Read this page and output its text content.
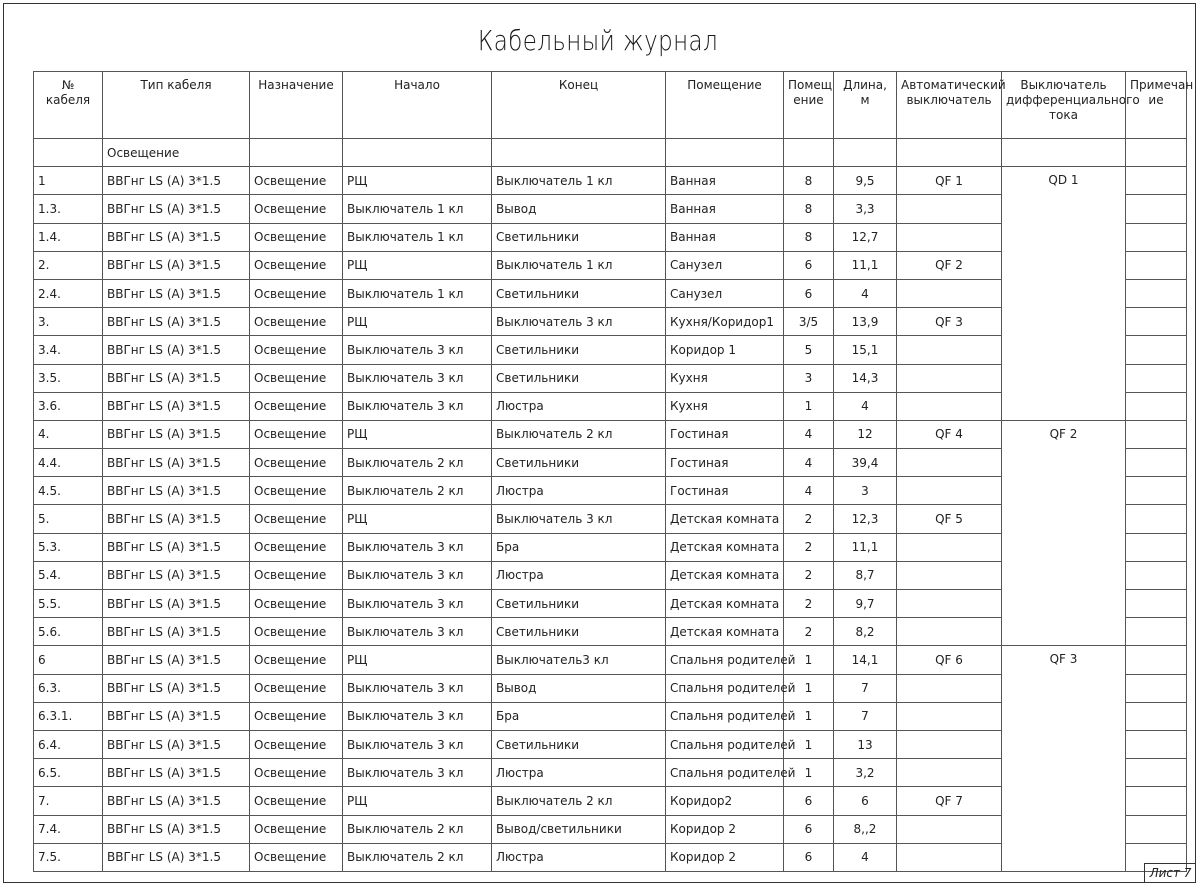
Кабельный журнал
№ кабеля	Тип кабеля	Назначение	Начало	Конец	Помещение	Помещ ение	Длина, м	Автоматический выключатель	Выключатель дифференциального тока	Примечан ие
	Освещение									
1	ВВГнг LS (A) 3*1.5	Освещение	РЩ	Выключатель 1 кл	Ванная	8	9,5	QF 1	QD 1	
1.3.	ВВГнг LS (A) 3*1.5	Освещение	Выключатель 1 кл	Вывод	Ванная	8	3,3			
1.4.	ВВГнг LS (A) 3*1.5	Освещение	Выключатель 1 кл	Светильники	Ванная	8	12,7			
2.	ВВГнг LS (A) 3*1.5	Освещение	РЩ	Выключатель 1 кл	Санузел	6	11,1	QF 2		
2.4.	ВВГнг LS (A) 3*1.5	Освещение	Выключатель 1 кл	Светильники	Санузел	6	4			
3.	ВВГнг LS (A) 3*1.5	Освещение	РЩ	Выключатель 3 кл	Кухня/Коридор1	3/5	13,9	QF 3		
3.4.	ВВГнг LS (A) 3*1.5	Освещение	Выключатель 3 кл	Светильники	Коридор 1	5	15,1			
3.5.	ВВГнг LS (A) 3*1.5	Освещение	Выключатель 3 кл	Светильники	Кухня	3	14,3			
3.6.	ВВГнг LS (A) 3*1.5	Освещение	Выключатель 3 кл	Люстра	Кухня	1	4			
4.	ВВГнг LS (A) 3*1.5	Освещение	РЩ	Выключатель 2 кл	Гостиная	4	12	QF 4	QF 2	
4.4.	ВВГнг LS (A) 3*1.5	Освещение	Выключатель 2 кл	Светильники	Гостиная	4	39,4			
4.5.	ВВГнг LS (A) 3*1.5	Освещение	Выключатель 2 кл	Люстра	Гостиная	4	3			
5.	ВВГнг LS (A) 3*1.5	Освещение	РЩ	Выключатель 3 кл	Детская комната	2	12,3	QF 5		
5.3.	ВВГнг LS (A) 3*1.5	Освещение	Выключатель 3 кл	Бра	Детская комната	2	11,1			
5.4.	ВВГнг LS (A) 3*1.5	Освещение	Выключатель 3 кл	Люстра	Детская комната	2	8,7			
5.5.	ВВГнг LS (A) 3*1.5	Освещение	Выключатель 3 кл	Светильники	Детская комната	2	9,7			
5.6.	ВВГнг LS (A) 3*1.5	Освещение	Выключатель 3 кл	Светильники	Детская комната	2	8,2			
6	ВВГнг LS (A) 3*1.5	Освещение	РЩ	Выключатель3 кл	Спальня родителей	1	14,1	QF 6	QF 3	
6.3.	ВВГнг LS (A) 3*1.5	Освещение	Выключатель 3 кл	Вывод	Спальня родителей	1	7			
6.3.1.	ВВГнг LS (A) 3*1.5	Освещение	Выключатель 3 кл	Бра	Спальня родителей	1	7			
6.4.	ВВГнг LS (A) 3*1.5	Освещение	Выключатель 3 кл	Светильники	Спальня родителей	1	13			
6.5.	ВВГнг LS (A) 3*1.5	Освещение	Выключатель 3 кл	Люстра	Спальня родителей	1	3,2			
7.	ВВГнг LS (A) 3*1.5	Освещение	РЩ	Выключатель 2 кл	Коридор2	6	6	QF 7		
7.4.	ВВГнг LS (A) 3*1.5	Освещение	Выключатель 2 кл	Вывод/светильники	Коридор 2	6	8,,2			
7.5.	ВВГнг LS (A) 3*1.5	Освещение	Выключатель 2 кл	Люстра	Коридор 2	6	4			
Лист 7
